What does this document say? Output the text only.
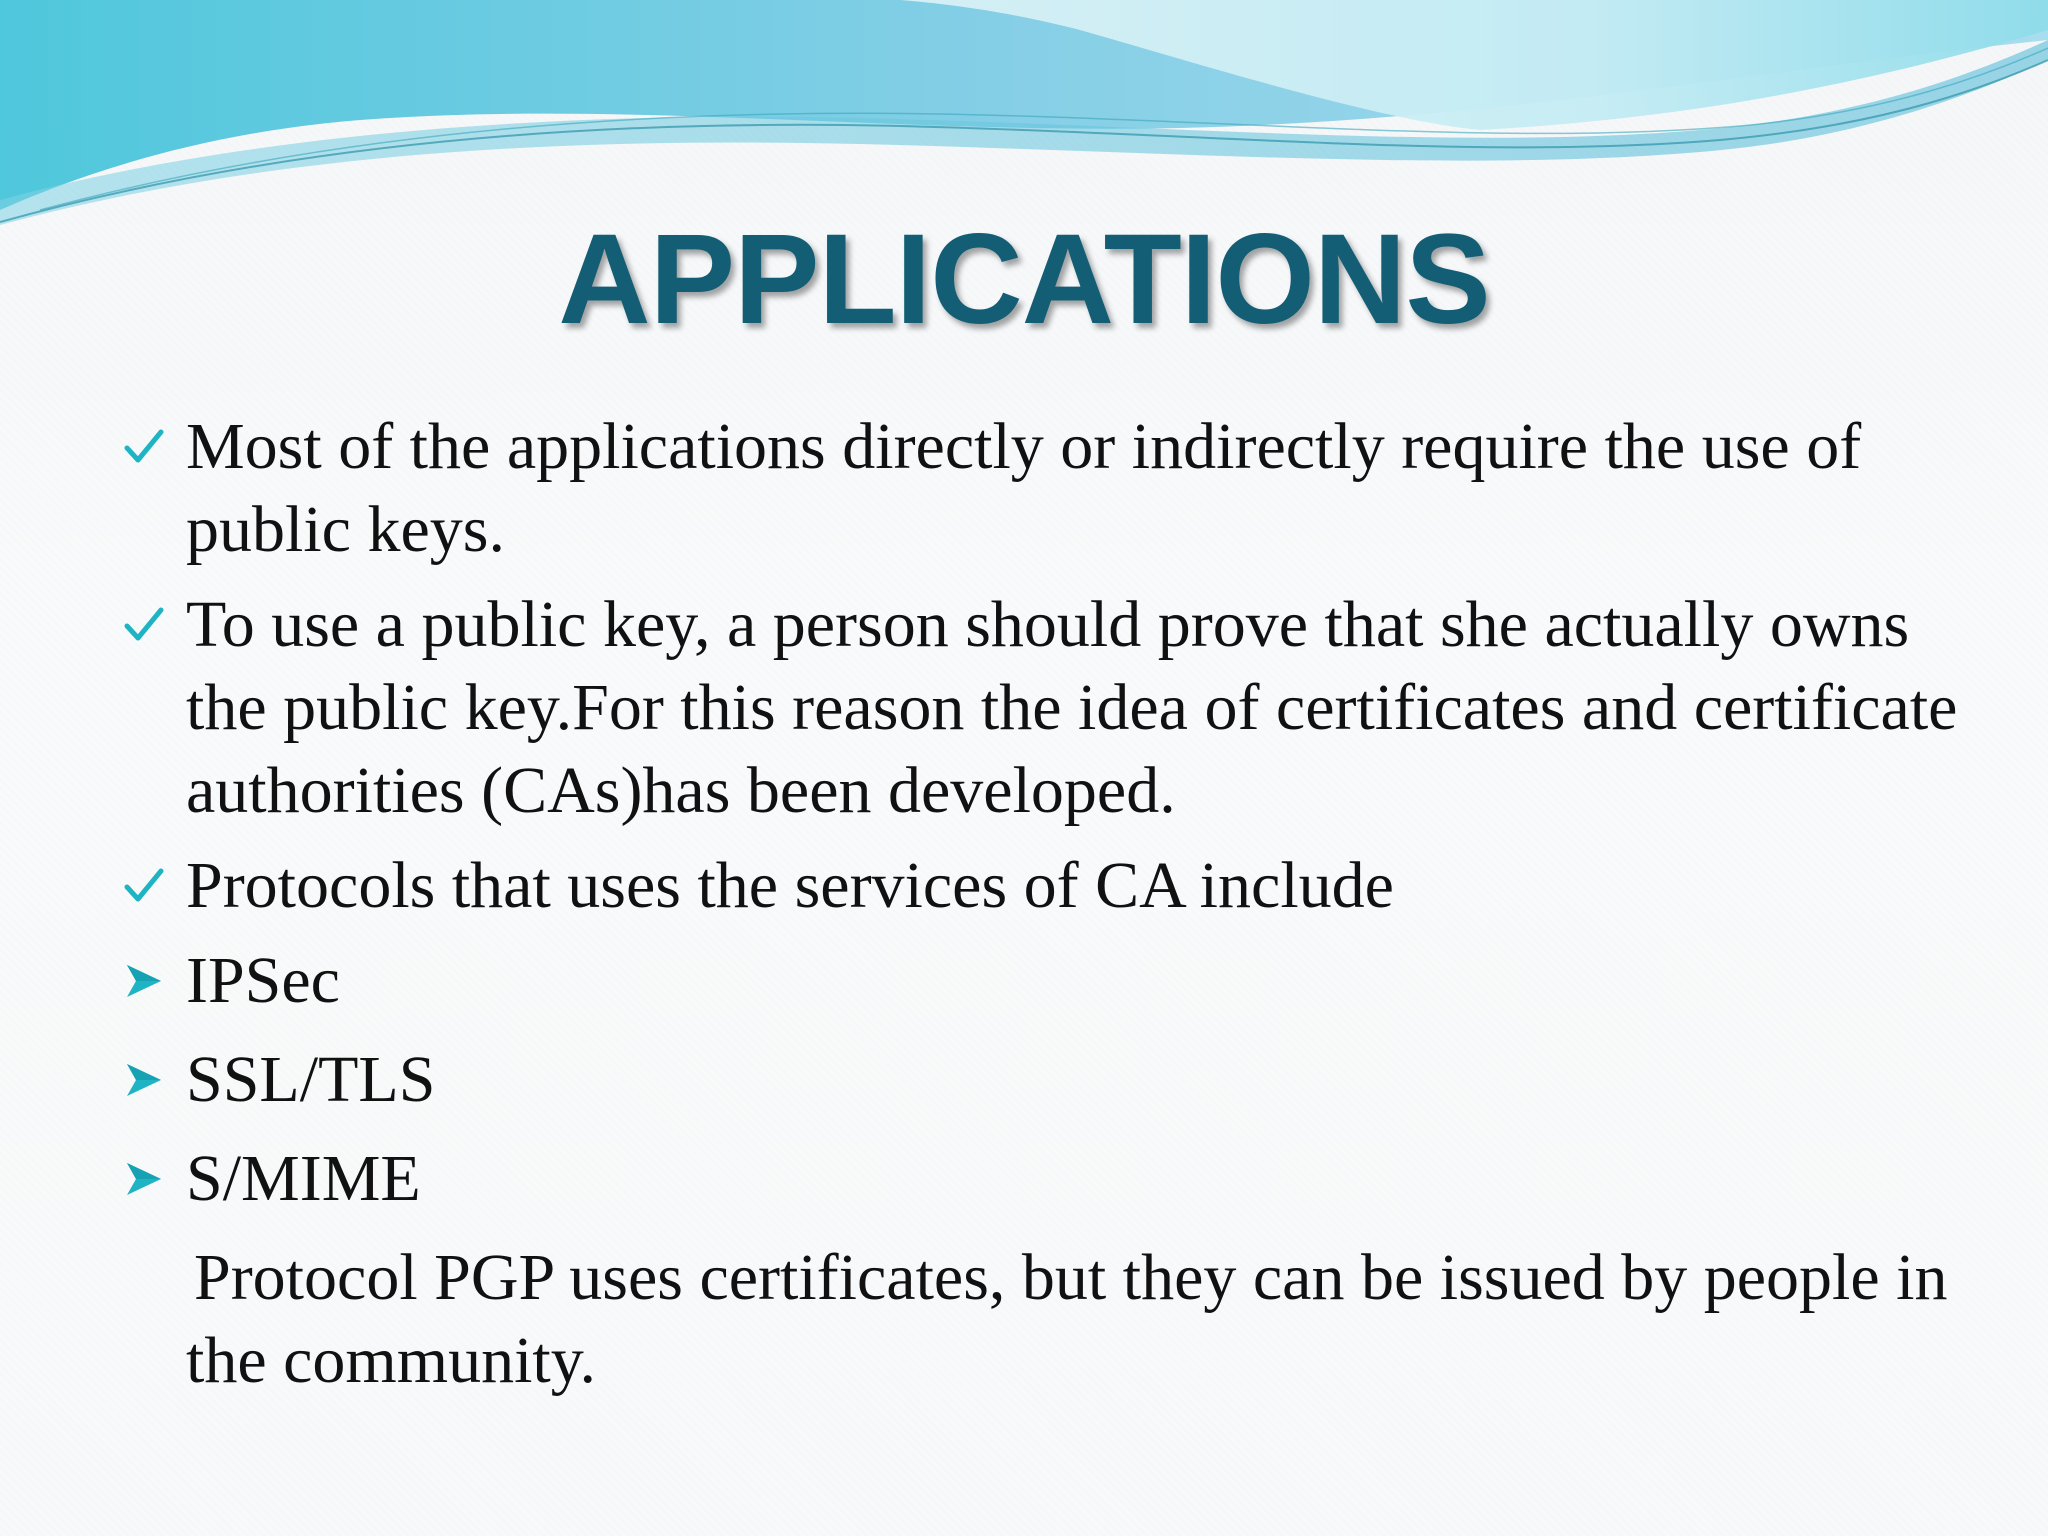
APPLICATIONS
Most of the applications directly or indirectly require the use of public keys.
To use a public key, a person should prove that she actually owns the public key.For this reason the idea of certificates and certificate authorities (CAs)has been developed.
Protocols that uses the services of CA include
IPSec
SSL/TLS
S/MIME
Protocol PGP uses certificates, but they can be issued by people in the community.
